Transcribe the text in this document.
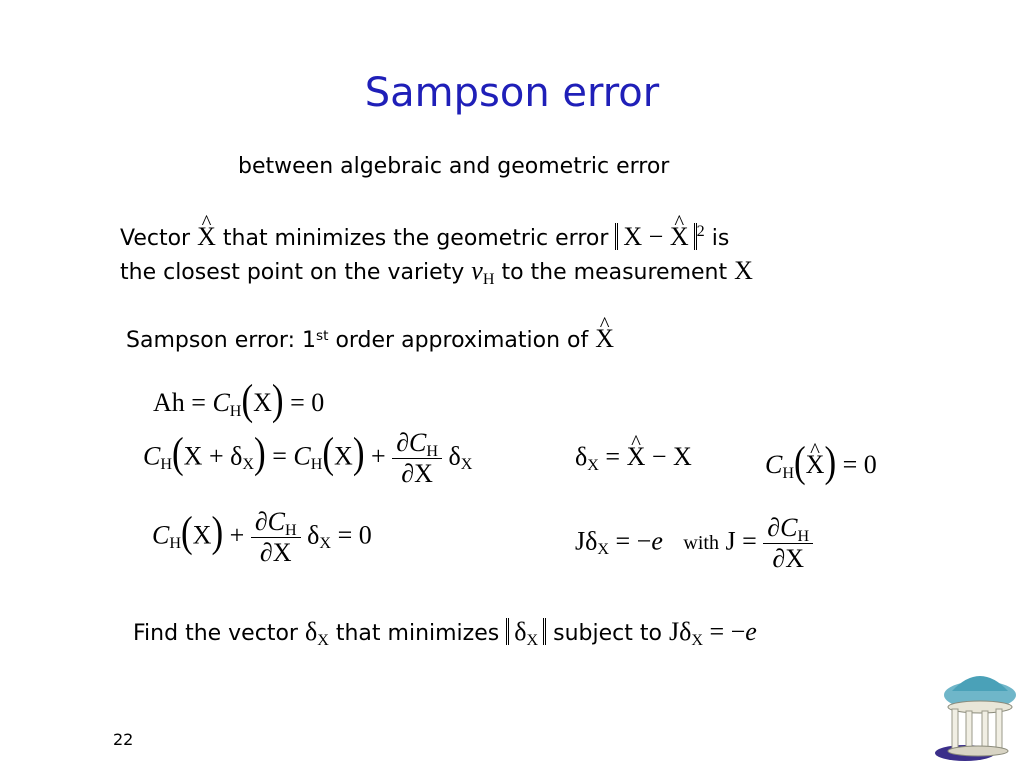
Sampson error
between algebraic and geometric error
Vector ^ X that minimizes the geometric error X − ^ X $^2$ is
the closest point on the variety νH to the measurement X
Sampson error: 1st order approximation of ^ X
Ah = CH(X) = 0
$CH(X + \delta X) = CH(X) + \frac{\partial CH}{\partial X}$ δX	δX = ^ X − X	CH(^ X) = 0
$CH(X) + \frac{\partial CH}{\partial X}$ δX = 0	JδX = −e with $J = \frac{\partial CH}{\partial X}$
Find the vector δX that minimizes δX subject to JδX = −e
22
